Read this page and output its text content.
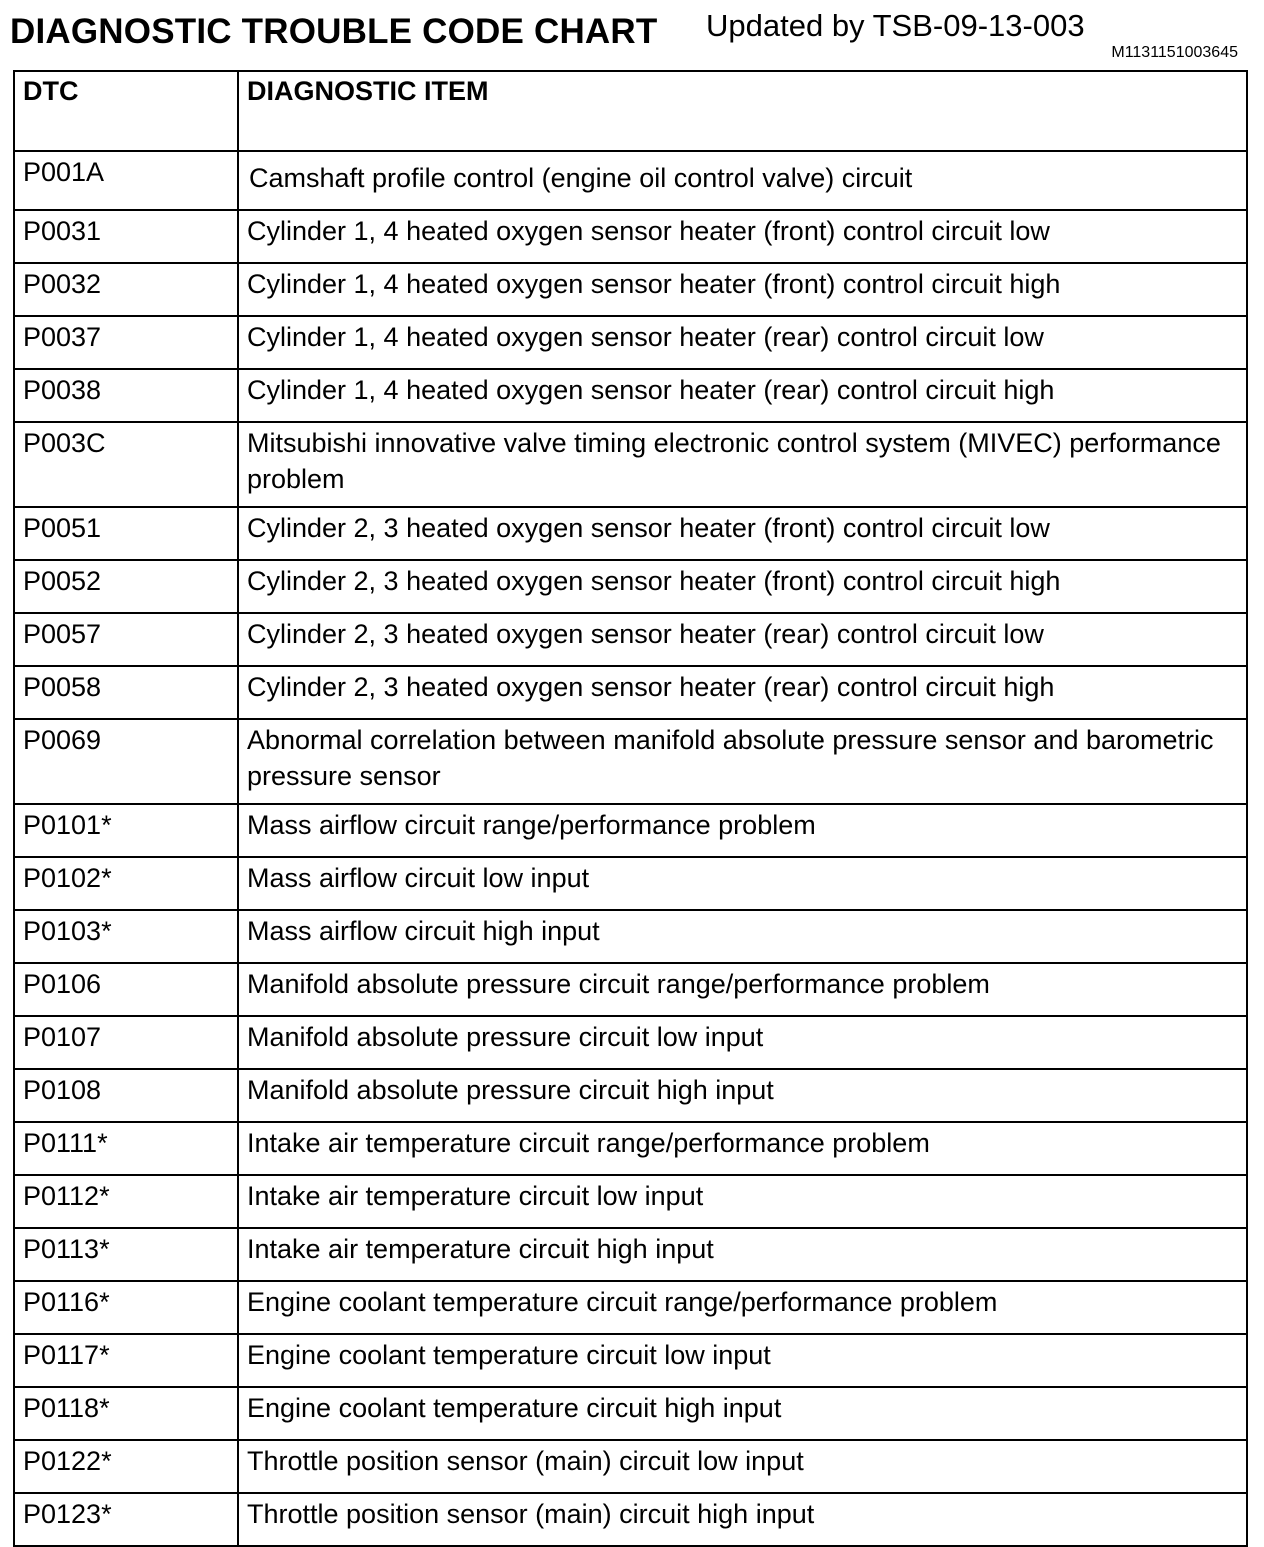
DIAGNOSTIC TROUBLE CODE CHART Updated by TSB-09-13-003
M1131151003645
DTC	DIAGNOSTIC ITEM
P001A	Camshaft profile control (engine oil control valve) circuit
P0031	Cylinder 1, 4 heated oxygen sensor heater (front) control circuit low
P0032	Cylinder 1, 4 heated oxygen sensor heater (front) control circuit high
P0037	Cylinder 1, 4 heated oxygen sensor heater (rear) control circuit low
P0038	Cylinder 1, 4 heated oxygen sensor heater (rear) control circuit high
P003C	Mitsubishi innovative valve timing electronic control system (MIVEC) performance problem
P0051	Cylinder 2, 3 heated oxygen sensor heater (front) control circuit low
P0052	Cylinder 2, 3 heated oxygen sensor heater (front) control circuit high
P0057	Cylinder 2, 3 heated oxygen sensor heater (rear) control circuit low
P0058	Cylinder 2, 3 heated oxygen sensor heater (rear) control circuit high
P0069	Abnormal correlation between manifold absolute pressure sensor and barometric pressure sensor
P0101*	Mass airflow circuit range/performance problem
P0102*	Mass airflow circuit low input
P0103*	Mass airflow circuit high input
P0106	Manifold absolute pressure circuit range/performance problem
P0107	Manifold absolute pressure circuit low input
P0108	Manifold absolute pressure circuit high input
P0111*	Intake air temperature circuit range/performance problem
P0112*	Intake air temperature circuit low input
P0113*	Intake air temperature circuit high input
P0116*	Engine coolant temperature circuit range/performance problem
P0117*	Engine coolant temperature circuit low input
P0118*	Engine coolant temperature circuit high input
P0122*	Throttle position sensor (main) circuit low input
P0123*	Throttle position sensor (main) circuit high input
